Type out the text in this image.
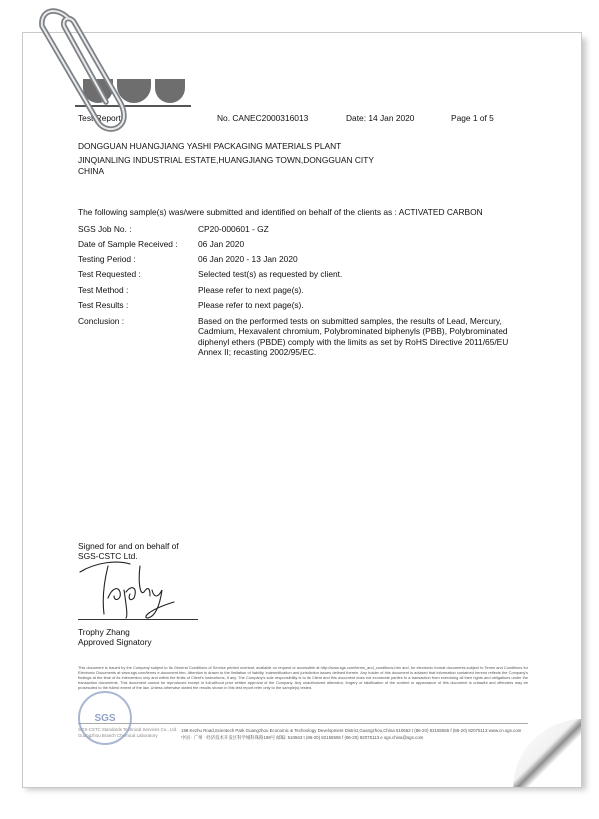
Test Report	No. CANEC2000316013	Date: 14 Jan 2020	Page 1 of 5
DONGGUAN HUANGJIANG YASHI PACKAGING MATERIALS PLANT
JINQIANLING INDUSTRIAL ESTATE,HUANGJIANG TOWN,DONGGUAN CITY
CHINA
The following sample(s) was/were submitted and identified on behalf of the clients as : ACTIVATED CARBON
SGS Job No. :	CP20-000601 - GZ
Date of Sample Received : 06 Jan 2020
Testing Period :	06 Jan 2020 - 13 Jan 2020
Test Requested :	Selected test(s) as requested by client.
Test Method :	Please refer to next page(s).
Test Results :	Please refer to next page(s).
Conclusion :	Based on the performed tests on submitted samples, the results of Lead, Mercury, Cadmium, Hexavalent chromium, Polybrominated biphenyls (PBB), Polybrominated diphenyl ethers (PBDE) comply with the limits as set by RoHS Directive 2011/65/EU Annex II; recasting 2002/95/EC.
Signed for and on behalf of
SGS-CSTC Ltd.
Trophy Zhang
Approved Signatory
This document is issued by the Company subject to its General Conditions of Service printed overleaf, available on request or accessible at http://www.sgs.com/terms_and_conditions.htm and, for electronic format documents,subject to Terms and Conditions for Electronic Documents at www.sgs.com/terms e-document.htm. Attention is drawn to the limitation of liability, indemnification and jurisdiction issues defined therein. Any holder of this document is advised that information contained hereon reflects the Company's findings at the time of its intervention only and within the limits of Client's instructions, if any. The Company's sole responsibility is to its Client and this document does not exonerate parties to a transaction from exercising all their rights and obligations under the transaction documents. This document cannot be reproduced except in full,without prior written approval of the Company. Any unauthorized alteration, forgery or falsification of the content or appearance of this document is unlawful and offenders may be prosecuted to the fullest extent of the law. Unless otherwise stated the results shown in this test report refer only to the sample(s) tested.
SGS-CSTC Standards Technical Services Co., Ltd. Guangzhou Branch Chemical Laboratory
198 Kezhu Road,Scientech Park Guangzhou Economic & Technology Development District,Guangzhou,China 510663 t (86-20) 82155555 f (86-20) 82075113 www.cn.sgs.com
中国 · 广州 · 经济技术开发区科学城科珠路198号 邮编: 510663 t (86-20) 82155555 f (86-20) 82075113 e sgs.china@sgs.com
SGS
